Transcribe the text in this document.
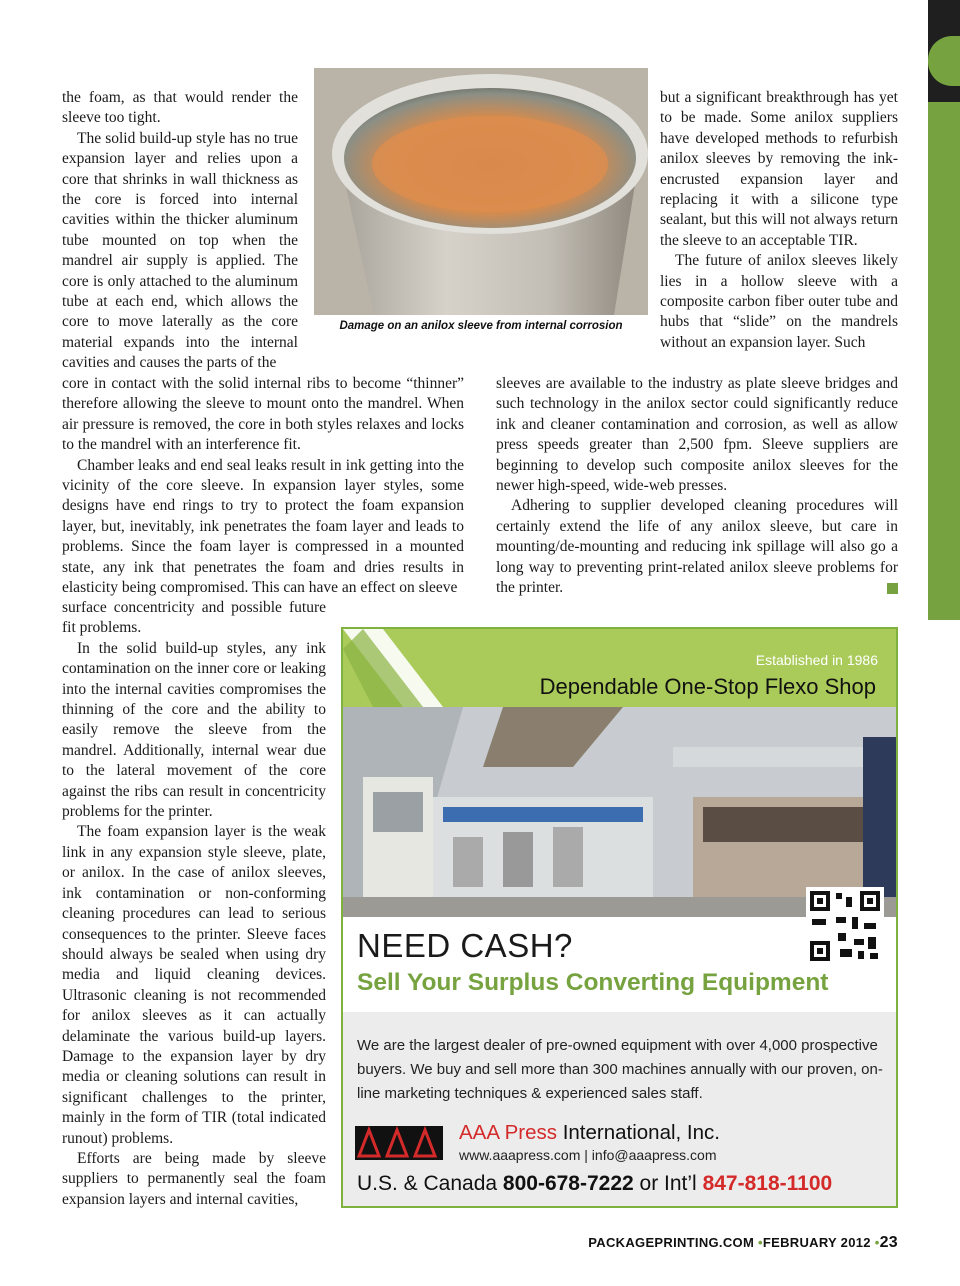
the foam, as that would render the sleeve too tight.

The solid build-up style has no true expansion layer and relies upon a core that shrinks in wall thickness as the core is forced into internal cavities within the thicker aluminum tube mounted on top when the mandrel air supply is applied. The core is only attached to the aluminum tube at each end, which allows the core to move laterally as the core material expands into the internal cavities and causes the parts of the

Damage on an anilox sleeve from internal corrosion

core in contact with the solid internal ribs to become “thinner” therefore allowing the sleeve to mount onto the mandrel. When air pressure is removed, the core in both styles relaxes and locks to the mandrel with an interference fit.

Chamber leaks and end seal leaks result in ink getting into the vicinity of the core sleeve. In expansion layer styles, some designs have end rings to try to protect the foam expansion layer, but, inevitably, ink penetrates the foam layer and leads to problems. Since the foam layer is compressed in a mounted state, any ink that penetrates the foam and dries results in elasticity being compromised. This can have an effect on sleeve

surface concentricity and possible future fit problems.

In the solid build-up styles, any ink contamination on the inner core or leaking into the internal cavities compromises the thinning of the core and the ability to easily remove the sleeve from the mandrel. Additionally, internal wear due to the lateral movement of the core against the ribs can result in concentricity problems for the printer.

The foam expansion layer is the weak link in any expansion style sleeve, plate, or anilox. In the case of anilox sleeves, ink contamination or non-conforming cleaning procedures can lead to serious consequences to the printer. Sleeve faces should always be sealed when using dry media and liquid cleaning devices. Ultrasonic cleaning is not recommended for anilox sleeves as it can actually delaminate the various build-up layers. Damage to the expansion layer by dry media or cleaning solutions can result in significant challenges to the printer, mainly in the form of TIR (total indicated runout) problems.

Efforts are being made by sleeve suppliers to permanently seal the foam expansion layers and internal cavities,

but a significant breakthrough has yet to be made. Some anilox suppliers have developed methods to refurbish anilox sleeves by removing the ink-encrusted expansion layer and replacing it with a silicone type sealant, but this will not always return the sleeve to an acceptable TIR.

The future of anilox sleeves likely lies in a hollow sleeve with a composite carbon fiber outer tube and hubs that “slide” on the mandrels without an expansion layer. Such

sleeves are available to the industry as plate sleeve bridges and such technology in the anilox sector could significantly reduce ink and cleaner contamination and corrosion, as well as allow press speeds greater than 2,500 fpm. Sleeve suppliers are beginning to develop such composite anilox sleeves for the newer high-speed, wide-web presses.

Adhering to supplier developed cleaning procedures will certainly extend the life of any anilox sleeve, but care in mounting/de-mounting and reducing ink spillage will also go a long way to preventing print-related anilox sleeve problems for the printer.

Established in 1986
Dependable One-Stop Flexo Shop
NEED CASH?
Sell Your Surplus Converting Equipment
We are the largest dealer of pre-owned equipment with over 4,000 prospective buyers. We buy and sell more than 300 machines annually with our proven, on-line marketing techniques & experienced sales staff.
AAA Press International, Inc.
www.aaapress.com | info@aaapress.com
U.S. & Canada 800-678-7222 or Int’l 847-818-1100
PACKAGEPRINTING.COM •FEBRUARY 2012 •23
